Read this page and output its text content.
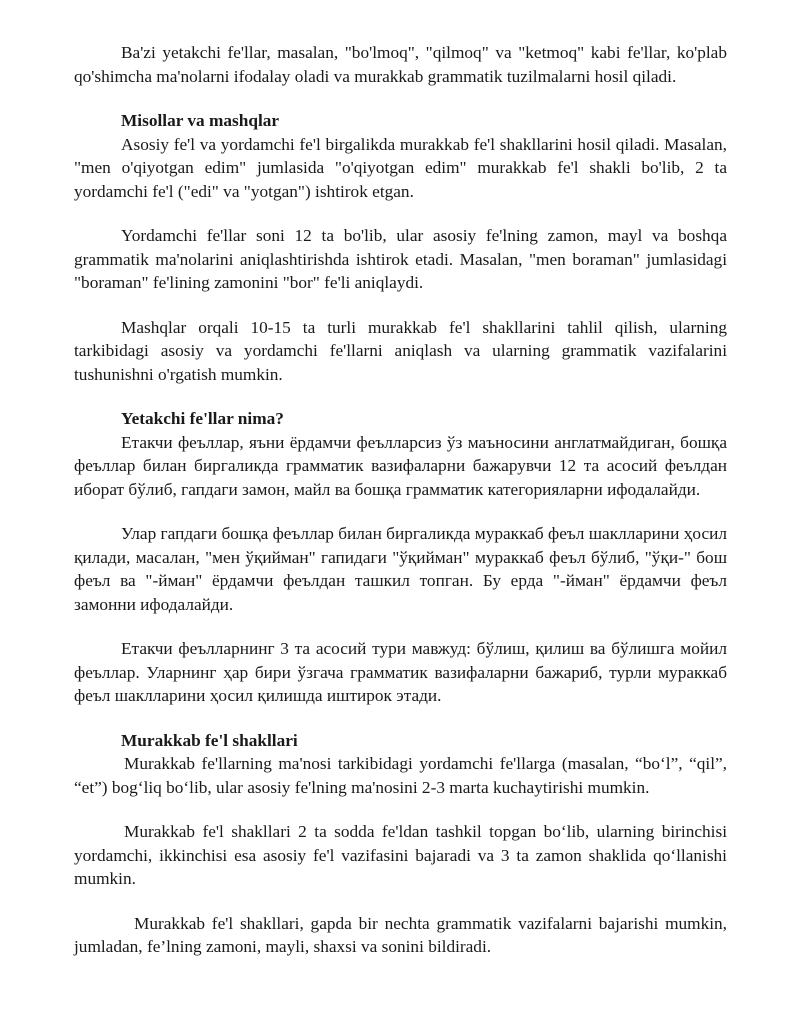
Ba'zi yetakchi fe'llar, masalan, "bo'lmoq", "qilmoq" va "ketmoq" kabi fe'llar, ko'plab qo'shimcha ma'nolarni ifodalay oladi va murakkab grammatik tuzilmalarni hosil qiladi.

Misollar va mashqlar

Asosiy fe'l va yordamchi fe'l birgalikda murakkab fe'l shakllarini hosil qiladi. Masalan, "men o'qiyotgan edim" jumlasida "o'qiyotgan edim" murakkab fe'l shakli bo'lib, 2 ta yordamchi fe'l ("edi" va "yotgan") ishtirok etgan.

Yordamchi fe'llar soni 12 ta bo'lib, ular asosiy fe'lning zamon, mayl va boshqa grammatik ma'nolarini aniqlashtirishda ishtirok etadi. Masalan, "men boraman" jumlasidagi "boraman" fe'lining zamonini "bor" fe'li aniqlaydi.

Mashqlar orqali 10-15 ta turli murakkab fe'l shakllarini tahlil qilish, ularning tarkibidagi asosiy va yordamchi fe'llarni aniqlash va ularning grammatik vazifalarini tushunishni o'rgatish mumkin.

Yetakchi fe'llar nima?

Етакчи феъллар, яъни ёрдамчи феълларсиз ўз маъносини англатмайдиган, бошқа феъллар билан биргаликда грамматик вазифаларни бажарувчи 12 та асосий феълдан иборат бўлиб, гапдаги замон, майл ва бошқа грамматик категорияларни ифодалайди.

Улар гапдаги бошқа феъллар билан биргаликда мураккаб феъл шаклларини ҳосил қилади, масалан, "мен ўқийман" гапидаги "ўқийман" мураккаб феъл бўлиб, "ўқи-" бош феъл ва "-йман" ёрдамчи феълдан ташкил топган. Бу ерда "-йман" ёрдамчи феъл замонни ифодалайди.

Етакчи феълларнинг 3 та асосий тури мавжуд: бўлиш, қилиш ва бўлишга мойил феъллар. Уларнинг ҳар бири ўзгача грамматик вазифаларни бажариб, турли мураккаб феъл шаклларини ҳосил қилишда иштирок этади.

Murakkab fe'l shakllari

Murakkab fe'llarning ma'nosi tarkibidagi yordamchi fe'llarga (masalan, “bo‘l”, “qil”, “et”) bog‘liq bo‘lib, ular asosiy fe'lning ma'nosini 2-3 marta kuchaytirishi mumkin.

Murakkab fe'l shakllari 2 ta sodda fe'ldan tashkil topgan bo‘lib, ularning birinchisi yordamchi, ikkinchisi esa asosiy fe'l vazifasini bajaradi va 3 ta zamon shaklida qo‘llanishi mumkin.

Murakkab fe'l shakllari, gapda bir nechta grammatik vazifalarni bajarishi mumkin, jumladan, fe’lning zamoni, mayli, shaxsi va sonini bildiradi.
